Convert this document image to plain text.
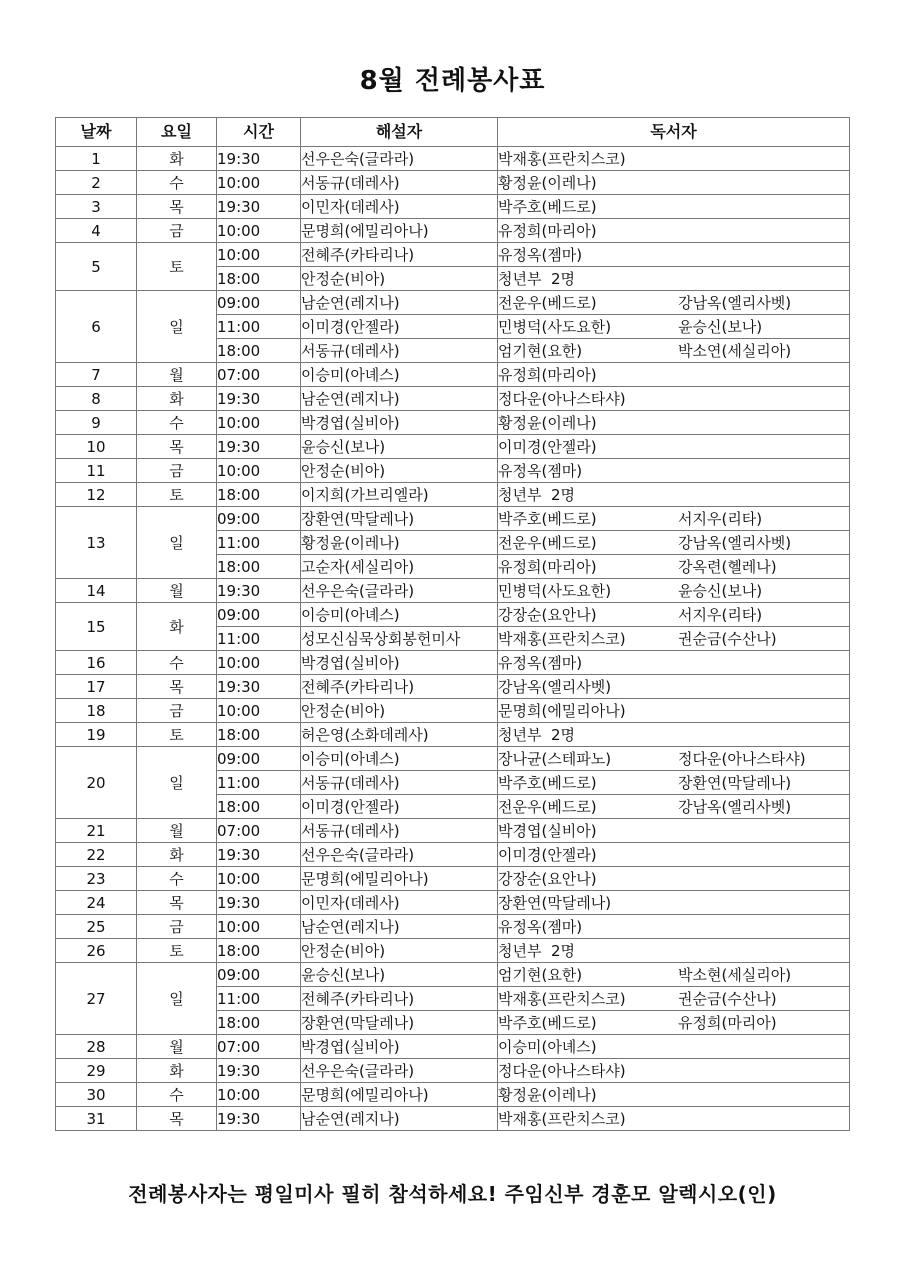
8월 전례봉사표
날짜	요일	시간	해설자	독서자
1	화	19:30	선우은숙(글라라)	박재홍(프란치스코)
2	수	10:00	서동규(데레사)	황정윤(이레나)
3	목	19:30	이민자(데레사)	박주호(베드로)
4	금	10:00	문명희(에밀리아나)	유정희(마리아)
5	토	10:00	전혜주(카타리나)	유정옥(젬마)
		18:00	안정순(비아)	청년부  2명
6	일	09:00	남순연(레지나)	전운우(베드로) 강남옥(엘리사벳)
		11:00	이미경(안젤라)	민병덕(사도요한) 윤승신(보나)
		18:00	서동규(데레사)	엄기현(요한) 박소연(세실리아)
7	월	07:00	이승미(아녜스)	유정희(마리아)
8	화	19:30	남순연(레지나)	정다운(아나스타샤)
9	수	10:00	박경엽(실비아)	황정윤(이레나)
10	목	19:30	윤승신(보나)	이미경(안젤라)
11	금	10:00	안정순(비아)	유정옥(젬마)
12	토	18:00	이지희(가브리엘라)	청년부  2명
13	일	09:00	장환연(막달레나)	박주호(베드로) 서지우(리타)
		11:00	황정윤(이레나)	전운우(베드로) 강남옥(엘리사벳)
		18:00	고순자(세실리아)	유정희(마리아) 강옥련(헬레나)
14	월	19:30	선우은숙(글라라)	민병덕(사도요한) 윤승신(보나)
15	화	09:00	이승미(아녜스)	강장순(요안나) 서지우(리타)
		11:00	성모신심묵상회봉헌미사	박재홍(프란치스코) 권순금(수산나)
16	수	10:00	박경엽(실비아)	유정옥(젬마)
17	목	19:30	전혜주(카타리나)	강남옥(엘리사벳)
18	금	10:00	안정순(비아)	문명희(에밀리아나)
19	토	18:00	허은영(소화데레사)	청년부  2명
20	일	09:00	이승미(아녜스)	장나균(스테파노) 정다운(아나스타샤)
		11:00	서동규(데레사)	박주호(베드로) 장환연(막달레나)
		18:00	이미경(안젤라)	전운우(베드로) 강남옥(엘리사벳)
21	월	07:00	서동규(데레사)	박경엽(실비아)
22	화	19:30	선우은숙(글라라)	이미경(안젤라)
23	수	10:00	문명희(에밀리아나)	강장순(요안나)
24	목	19:30	이민자(데레사)	장환연(막달레나)
25	금	10:00	남순연(레지나)	유정옥(젬마)
26	토	18:00	안정순(비아)	청년부  2명
27	일	09:00	윤승신(보나)	엄기현(요한) 박소현(세실리아)
		11:00	전혜주(카타리나)	박재홍(프란치스코) 권순금(수산나)
		18:00	장환연(막달레나)	박주호(베드로) 유정희(마리아)
28	월	07:00	박경엽(실비아)	이승미(아녜스)
29	화	19:30	선우은숙(글라라)	정다운(아나스타샤)
30	수	10:00	문명희(에밀리아나)	황정윤(이레나)
31	목	19:30	남순연(레지나)	박재홍(프란치스코)
전례봉사자는 평일미사 필히 참석하세요! 주임신부 경훈모 알렉시오(인)
